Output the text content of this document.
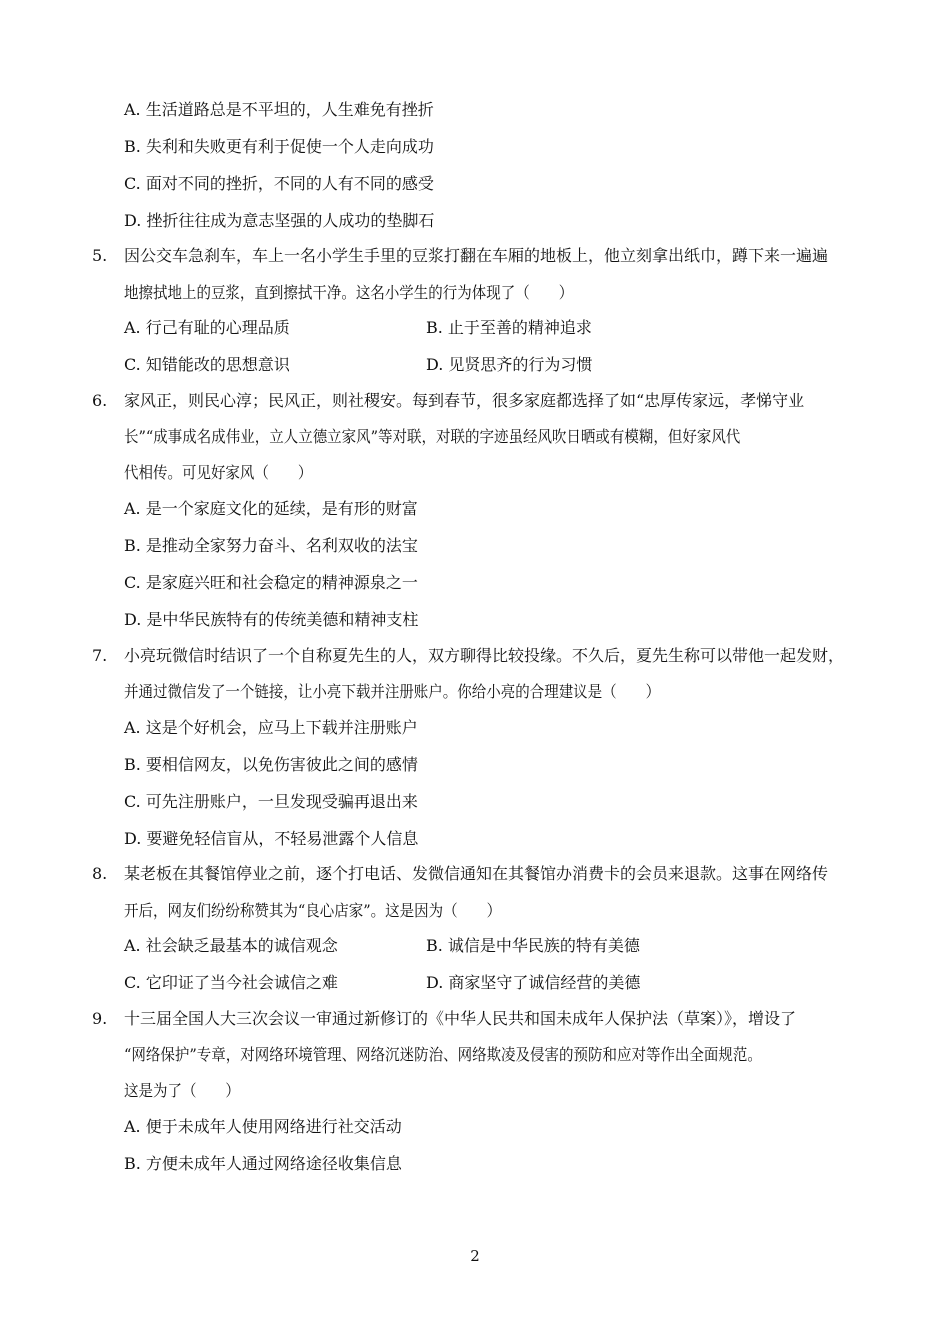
A. 生活道路总是不平坦的，人生难免有挫折
B. 失利和失败更有利于促使一个人走向成功
C. 面对不同的挫折，不同的人有不同的感受
D. 挫折往往成为意志坚强的人成功的垫脚石
5. 因公交车急刹车，车上一名小学生手里的豆浆打翻在车厢的地板上，他立刻拿出纸巾，蹲下来一遍遍
地擦拭地上的豆浆，直到擦拭干净。这名小学生的行为体现了（　　）
A. 行己有耻的心理品质	B. 止于至善的精神追求
C. 知错能改的思想意识	D. 见贤思齐的行为习惯
6. 家风正，则民心淳；民风正，则社稷安。每到春节，很多家庭都选择了如“忠厚传家远，孝悌守业
长”“成事成名成伟业，立人立德立家风”等对联，对联的字迹虽经风吹日晒或有模糊，但好家风代
代相传。可见好家风（　　）
A. 是一个家庭文化的延续，是有形的财富
B. 是推动全家努力奋斗、名利双收的法宝
C. 是家庭兴旺和社会稳定的精神源泉之一
D. 是中华民族特有的传统美德和精神支柱
7. 小亮玩微信时结识了一个自称夏先生的人，双方聊得比较投缘。不久后，夏先生称可以带他一起发财，
并通过微信发了一个链接，让小亮下载并注册账户。你给小亮的合理建议是（　　）
A. 这是个好机会，应马上下载并注册账户
B. 要相信网友，以免伤害彼此之间的感情
C. 可先注册账户，一旦发现受骗再退出来
D. 要避免轻信盲从，不轻易泄露个人信息
8. 某老板在其餐馆停业之前，逐个打电话、发微信通知在其餐馆办消费卡的会员来退款。这事在网络传
开后，网友们纷纷称赞其为“良心店家”。这是因为（　　）
A. 社会缺乏最基本的诚信观念	B. 诚信是中华民族的特有美德
C. 它印证了当今社会诚信之难	D. 商家坚守了诚信经营的美德
9. 十三届全国人大三次会议一审通过新修订的《中华人民共和国未成年人保护法（草案）》，增设了
“网络保护”专章，对网络环境管理、网络沉迷防治、网络欺凌及侵害的预防和应对等作出全面规范。
这是为了（　　）
A. 便于未成年人使用网络进行社交活动
B. 方便未成年人通过网络途径收集信息
2
